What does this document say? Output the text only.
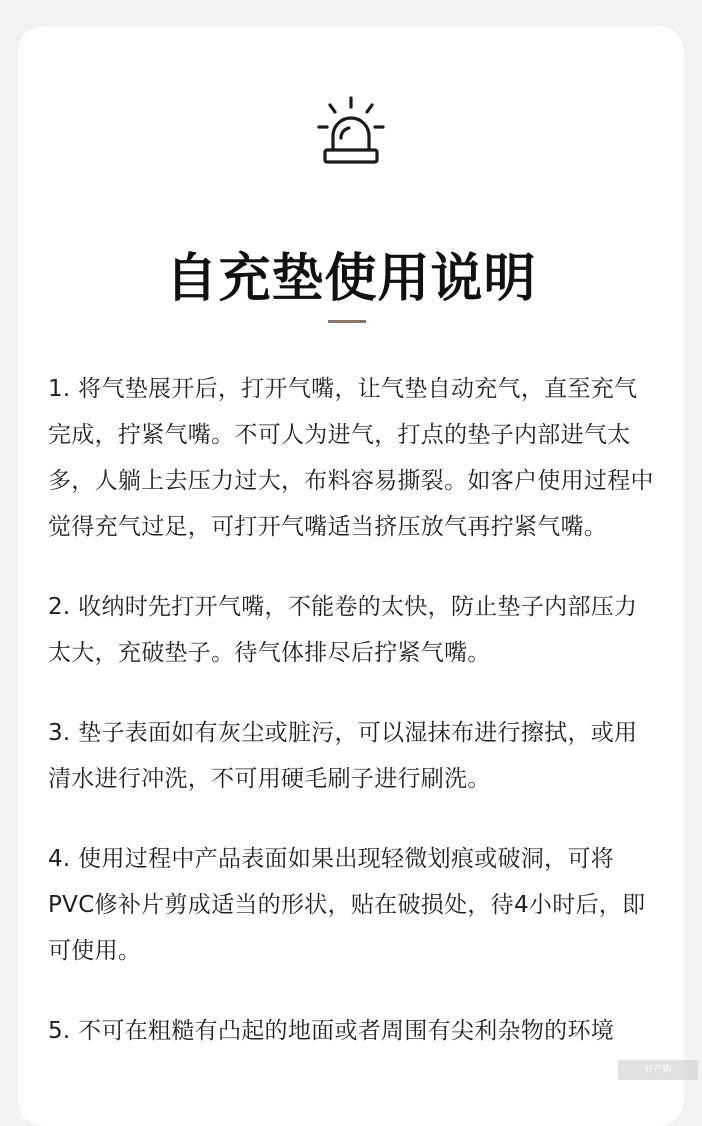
自充垫使用说明
1. 将气垫展开后，打开气嘴，让气垫自动充气，直至充气完成，拧紧气嘴。不可人为进气，打点的垫子内部进气太多，人躺上去压力过大，布料容易撕裂。如客户使用过程中觉得充气过足，可打开气嘴适当挤压放气再拧紧气嘴。
2. 收纳时先打开气嘴，不能卷的太快，防止垫子内部压力太大，充破垫子。待气体排尽后拧紧气嘴。
3. 垫子表面如有灰尘或脏污，可以湿抹布进行擦拭，或用清水进行冲洗，不可用硬毛刷子进行刷洗。
4. 使用过程中产品表面如果出现轻微划痕或破洞，可将PVC修补片剪成适当的形状，贴在破损处，待4小时后，即可使用。
5. 不可在粗糙有凸起的地面或者周围有尖利杂物的环境
好产购
